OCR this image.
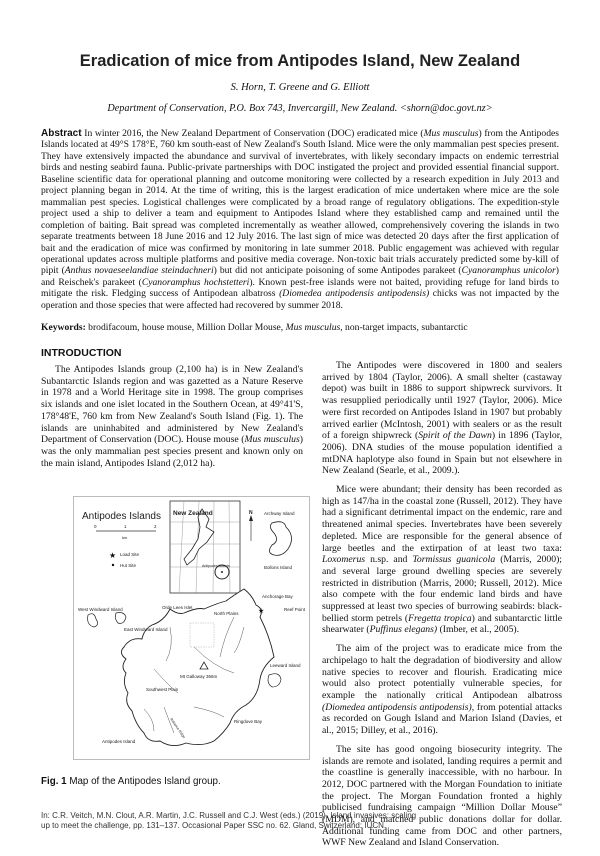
Eradication of mice from Antipodes Island, New Zealand
S. Horn, T. Greene and G. Elliott
Department of Conservation, P.O. Box 743, Invercargill, New Zealand. <shorn@doc.govt.nz>
Abstract In winter 2016, the New Zealand Department of Conservation (DOC) eradicated mice (Mus musculus) from the Antipodes Islands located at 49°S 178°E, 760 km south-east of New Zealand's South Island. Mice were the only mammalian pest species present. They have extensively impacted the abundance and survival of invertebrates, with likely secondary impacts on endemic terrestrial birds and nesting seabird fauna. Public-private partnerships with DOC instigated the project and provided essential financial support. Baseline scientific data for operational planning and outcome monitoring were collected by a research expedition in July 2013 and project planning began in 2014. At the time of writing, this is the largest eradication of mice undertaken where mice are the sole mammalian pest species. Logistical challenges were complicated by a broad range of regulatory obligations. The expedition-style project used a ship to deliver a team and equipment to Antipodes Island where they established camp and remained until the completion of baiting. Bait spread was completed incrementally as weather allowed, comprehensively covering the islands in two separate treatments between 18 June 2016 and 12 July 2016. The last sign of mice was detected 20 days after the first application of bait and the eradication of mice was confirmed by monitoring in late summer 2018. Public engagement was achieved with regular operational updates across multiple platforms and positive media coverage. Non-toxic bait trials accurately predicted some by-kill of pipit (Anthus novaeseelandiae steindachneri) but did not anticipate poisoning of some Antipodes parakeet (Cyanoramphus unicolor) and Reischek's parakeet (Cyanoramphus hochstetteri). Known pest-free islands were not baited, providing refuge for land birds to mitigate the risk. Fledging success of Antipodean albatross (Diomedea antipodensis antipodensis) chicks was not impacted by the operation and those species that were affected had recovered by summer 2018.
Keywords: brodifacoum, house mouse, Million Dollar Mouse, Mus musculus, non-target impacts, subantarctic
INTRODUCTION

The Antipodes Islands group (2,100 ha) is in New Zealand's Subantarctic Islands region and was gazetted as a Nature Reserve in 1978 and a World Heritage site in 1998. The group comprises six islands and one islet located in the Southern Ocean, at 49°41'S, 178°48'E, 760 km from New Zealand's South Island (Fig. 1). The islands are uninhabited and administered by New Zealand's Department of Conservation (DOC). House mouse (Mus musculus) was the only mammalian pest species present and known only on the main island, Antipodes Island (2,012 ha).

The Antipodes were discovered in 1800 and sealers arrived by 1804 (Taylor, 2006). A small shelter (castaway depot) was built in 1886 to support shipwreck survivors. It was resupplied periodically until 1927 (Taylor, 2006). Mice were first recorded on Antipodes Island in 1907 but probably arrived earlier (McIntosh, 2001) with sealers or as the result of a foreign shipwreck (Spirit of the Dawn) in 1896 (Taylor, 2006). DNA studies of the mouse population identified a mtDNA haplotype also found in Spain but not elsewhere in New Zealand (Searle, et al., 2009.).

Mice were abundant; their density has been recorded as high as 147/ha in the coastal zone (Russell, 2012). They have had a significant detrimental impact on the endemic, rare and threatened animal species. Invertebrates have been severely depleted. Mice are responsible for the general absence of large beetles and the extirpation of at least two taxa: Loxomerus n.sp. and Tormissus guanicola (Marris, 2000); and several large ground dwelling species are severely restricted in distribution (Marris, 2000; Russell, 2012). Mice also compete with the four endemic land birds and have suppressed at least two species of burrowing seabirds: black-bellied storm petrels (Fregetta tropica) and subantarctic little shearwater (Puffinus elegans) (Imber, et al., 2005).

The aim of the project was to eradicate mice from the archipelago to halt the degradation of biodiversity and allow native species to recover and flourish. Eradicating mice would also protect potentially vulnerable species, for example the nationally critical Antipodean albatross (Diomedea antipodensis antipodensis), from potential attacks as recorded on Gough Island and Marion Island (Davies, et al., 2015; Dilley, et al., 2016).

The site has good ongoing biosecurity integrity. The islands are remote and isolated, landing requires a permit and the coastline is generally inaccessible, with no harbour. In 2012, DOC partnered with the Morgan Foundation to initiate the project. The Morgan Foundation fronted a highly publicised fundraising campaign “Million Dollar Mouse” (MDM), and matched public donations dollar for dollar. Additional funding came from DOC and other partners, WWF New Zealand and Island Conservation.

New Zealand
Antipodes Islands
Antipodes Islands
0	1	2
km
★ Load Site
Hut Site
N
★
Archway Island
Bollons Island
Anchorage Bay
Reef Point
West Windward Island	Orde Lees Islet
North Plains
East Windward Island
Mt Galloway 366m
Leeward Island
Southwest Plain
Ringdove Bay
Antipodes Island
Reliance Ridge
Fig. 1 Map of the Antipodes Island group.
In: C.R. Veitch, M.N. Clout, A.R. Martin, J.C. Russell and C.J. West (eds.) (2019). Island invasives: scaling
up to meet the challenge, pp. 131–137. Occasional Paper SSC no. 62. Gland, Switzerland: IUCN.
